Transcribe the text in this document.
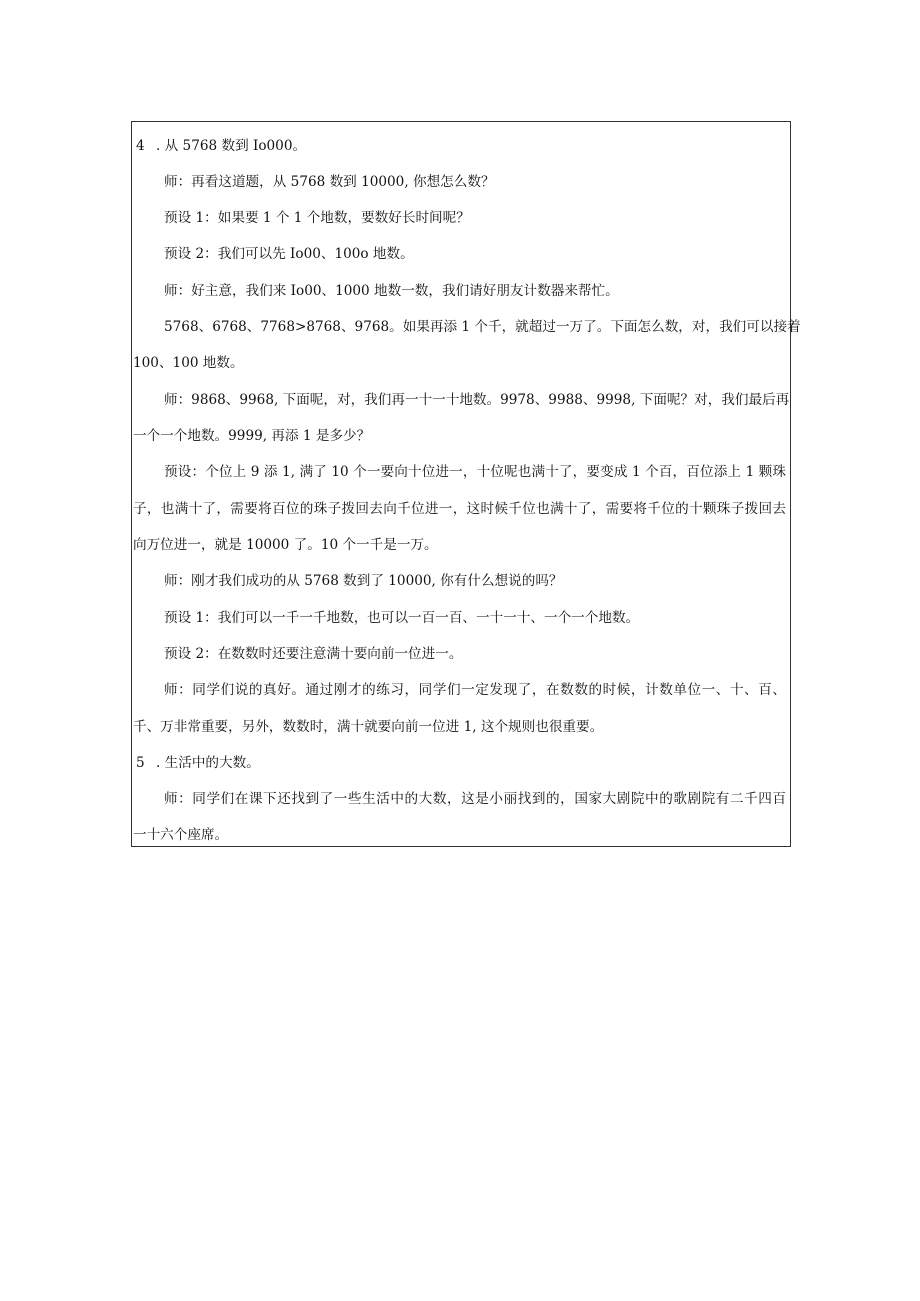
4 . 从 5768 数到 Io000。
师：再看这道题，从 5768 数到 10000, 你想怎么数？
预设 1：如果要 1 个 1 个地数，要数好长时间呢？
预设 2：我们可以先 Io00、100o 地数。
师：好主意，我们来 Io00、1000 地数一数，我们请好朋友计数器来帮忙。
5768、6768、7768>8768、9768。如果再添 1 个千，就超过一万了。下面怎么数，对，我们可以接着
100、100 地数。
师：9868、9968, 下面呢，对，我们再一十一十地数。9978、9988、9998, 下面呢？对，我们最后再
一个一个地数。9999, 再添 1 是多少？
预设：个位上 9 添 1, 满了 10 个一要向十位进一，十位呢也满十了，要变成 1 个百，百位添上 1 颗珠
子，也满十了，需要将百位的珠子拨回去向千位进一，这时候千位也满十了，需要将千位的十颗珠子拨回去
向万位进一，就是 10000 了。10 个一千是一万。
师：刚才我们成功的从 5768 数到了 10000, 你有什么想说的吗？
预设 1：我们可以一千一千地数，也可以一百一百、一十一十、一个一个地数。
预设 2：在数数时还要注意满十要向前一位进一。
师：同学们说的真好。通过刚才的练习，同学们一定发现了，在数数的时候，计数单位一、十、百、
千、万非常重要，另外，数数时，满十就要向前一位进 1, 这个规则也很重要。
5 . 生活中的大数。
师：同学们在课下还找到了一些生活中的大数，这是小丽找到的，国家大剧院中的歌剧院有二千四百
一十六个座席。
